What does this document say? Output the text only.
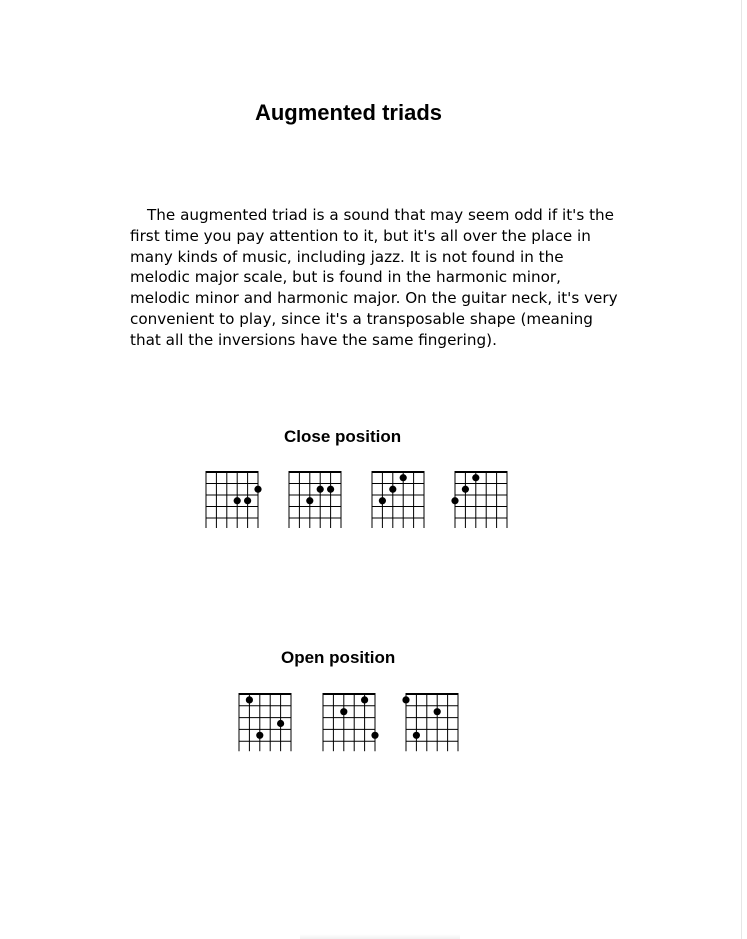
Augmented triads

The augmented triad is a sound that may seem odd if it's the first time you pay attention to it, but it's all over the place in many kinds of music, including jazz. It is not found in the melodic major scale, but is found in the harmonic minor, melodic minor and harmonic major. On the guitar neck, it's very convenient to play, since it's a transposable shape (meaning that all the inversions have the same fingering).

Close position
Open position
